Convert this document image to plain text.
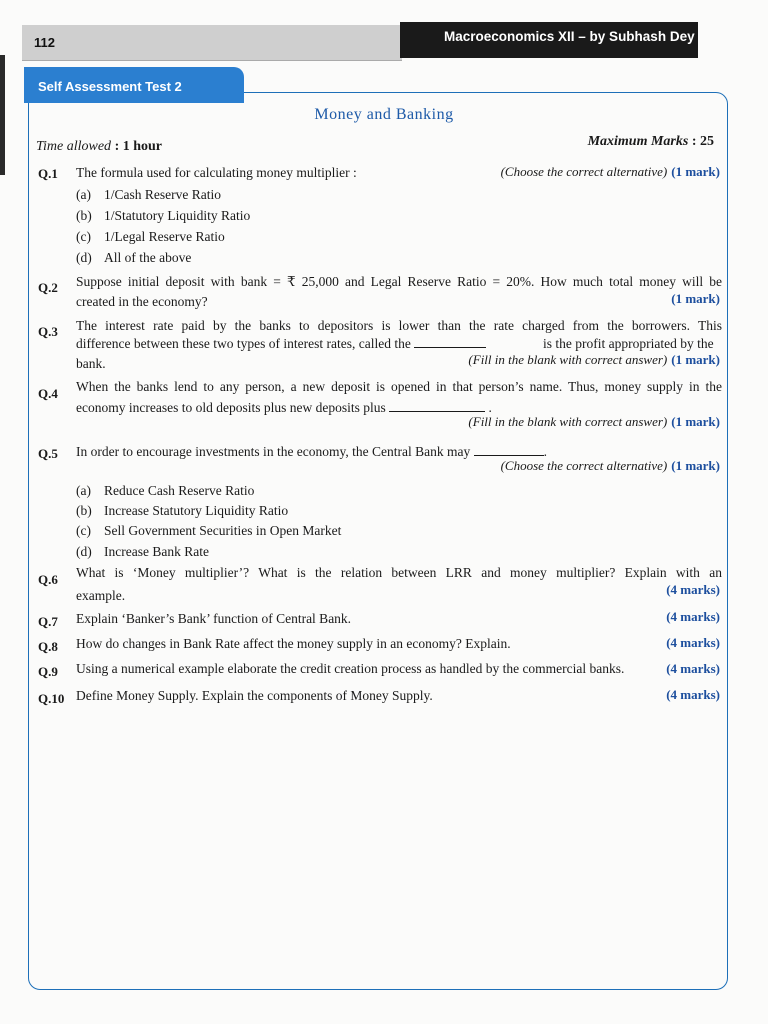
112	Macroeconomics XII – by Subhash Dey
Self Assessment Test 2
Money and Banking
Time allowed : 1 hour	Maximum Marks : 25
Q.1 The formula used for calculating money multiplier :	(Choose the correct alternative) (1 mark)
(a) 1/Cash Reserve Ratio
(b) 1/Statutory Liquidity Ratio
(c) 1/Legal Reserve Ratio
(d) All of the above
Q.2 Suppose initial deposit with bank = ₹ 25,000 and Legal Reserve Ratio = 20%. How much total money will be
created in the economy?	(1 mark)
Q.3 The interest rate paid by the banks to depositors is lower than the rate charged from the borrowers. This
difference between these two types of interest rates, called the	is the profit appropriated by the
bank.	(Fill in the blank with correct answer) (1 mark)
Q.4 When the banks lend to any person, a new deposit is opened in that person’s name. Thus, money supply in the
economy increases to old deposits plus new deposits plus	.
(Fill in the blank with correct answer) (1 mark)
Q.5 In order to encourage investments in the economy, the Central Bank may	.
(Choose the correct alternative) (1 mark)
(a) Reduce Cash Reserve Ratio
(b) Increase Statutory Liquidity Ratio
(c) Sell Government Securities in Open Market
(d) Increase Bank Rate
Q.6 What is ‘Money multiplier’? What is the relation between LRR and money multiplier? Explain with an
example.	(4 marks)
Q.7 Explain ‘Banker’s Bank’ function of Central Bank.	(4 marks)
Q.8 How do changes in Bank Rate affect the money supply in an economy? Explain.	(4 marks)
Q.9 Using a numerical example elaborate the credit creation process as handled by the commercial banks.	(4 marks)
Q.10 Define Money Supply. Explain the components of Money Supply.	(4 marks)
